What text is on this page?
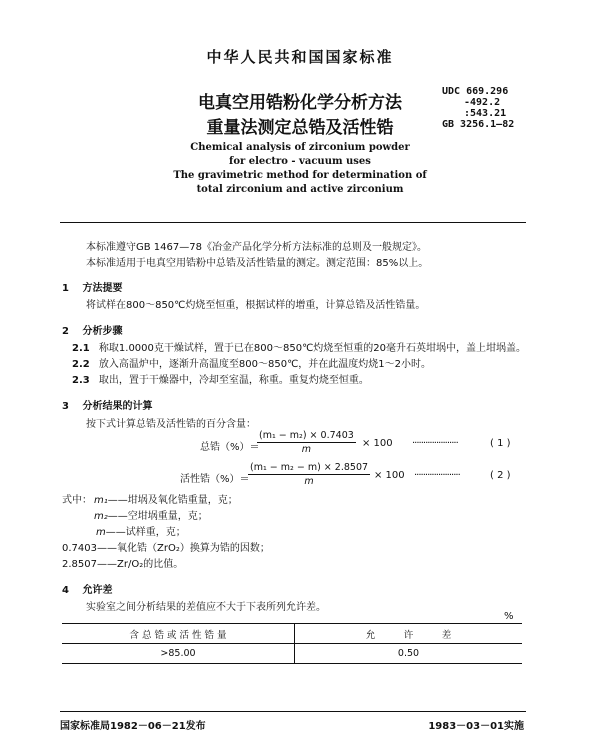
中华人民共和国国家标准
电真空用锆粉化学分析方法
重量法测定总锆及活性锆
UDC 669.296
-492.2
:543.21
GB 3256.1—82
Chemical analysis of zirconium powder
for electro - vacuum uses
The gravimetric method for determination of
total zirconium and active zirconium
本标准遵守GB 1467—78《冶金产品化学分析方法标准的总则及一般规定》。
本标准适用于电真空用锆粉中总锆及活性锆量的测定。测定范围：85%以上。
1 方法提要
将试样在800～850℃灼烧至恒重，根据试样的增重，计算总锆及活性锆量。
2 分析步骤
2.1 称取1.0000克干燥试样，置于已在800～850℃灼烧至恒重的20毫升石英坩埚中，盖上坩埚盖。
2.2 放入高温炉中，逐渐升高温度至800～850℃，并在此温度灼烧1～2小时。
2.3 取出，置于干燥器中，冷却至室温，称重。重复灼烧至恒重。
3 分析结果的计算
按下式计算总锆及活性锆的百分含量：
总锆（%）＝
$\frac{\text{(m₁ − m₂) × 0.7403}}{m} \times 100$ ·····················	( 1 )
活性锆（%）＝
$\frac{\text{(m₁ − m₂ − m) × 2.8507}}{m} \times 100$ ·····················	( 2 )
式中： m₁——坩埚及氧化锆重量，克；
m₂——空坩埚重量，克；
m——试样重，克；
0.7403——氧化锆（ZrO₂）换算为锆的因数；
2.8507——Zr/O₂的比值。
4 允许差
实验室之间分析结果的差值应不大于下表所列允许差。
%
含 总 锆 或 活 性 锆 量	允　　　许　　　差
>85.00	0.50
国家标准局1982－06－21发布	1983－03－01实施
